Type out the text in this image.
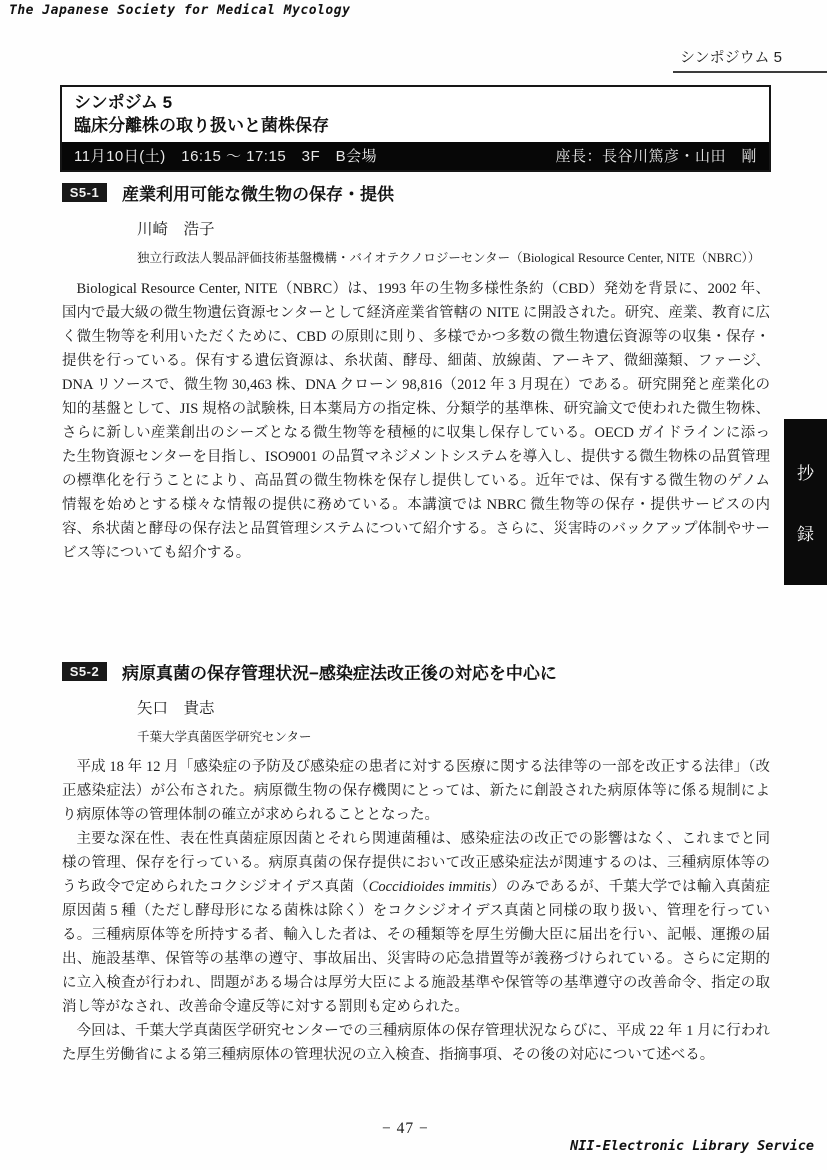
The Japanese Society for Medical Mycology
シンポジウム 5
シンポジム 5
臨床分離株の取り扱いと菌株保存
11月10日(土)　16:15 ～ 17:15　3F　B会場	座長：長谷川篤彦・山田　剛
S5-1	産業利用可能な微生物の保存・提供
川崎　浩子
独立行政法人製品評価技術基盤機構・バイオテクノロジーセンター（Biological Resource Center, NITE（NBRC））

Biological Resource Center, NITE（NBRC）は、1993 年の生物多様性条約（CBD）発効を背景に、2002 年、国内で最大級の微生物遺伝資源センターとして経済産業省管轄の NITE に開設された。研究、産業、教育に広く微生物等を利用いただくために、CBD の原則に則り、多様でかつ多数の微生物遺伝資源等の収集・保存・提供を行っている。保有する遺伝資源は、糸状菌、酵母、細菌、放線菌、アーキア、微細藻類、ファージ、DNA リソースで、微生物 30,463 株、DNA クローン 98,816（2012 年 3 月現在）である。研究開発と産業化の知的基盤として、JIS 規格の試験株, 日本薬局方の指定株、分類学的基準株、研究論文で使われた微生物株、さらに新しい産業創出のシーズとなる微生物等を積極的に収集し保存している。OECD ガイドラインに添った生物資源センターを目指し、ISO9001 の品質マネジメントシステムを導入し、提供する微生物株の品質管理の標準化を行うことにより、高品質の微生物株を保存し提供している。近年では、保有する微生物のゲノム情報を始めとする様々な情報の提供に務めている。本講演では NBRC 微生物等の保存・提供サービスの内容、糸状菌と酵母の保存法と品質管理システムについて紹介する。さらに、災害時のバックアップ体制やサービス等についても紹介する。

抄
録
S5-2	病原真菌の保存管理状況−感染症法改正後の対応を中心に
矢口　貴志
千葉大学真菌医学研究センター

平成 18 年 12 月「感染症の予防及び感染症の患者に対する医療に関する法律等の一部を改正する法律」（改正感染症法）が公布された。病原微生物の保存機関にとっては、新たに創設された病原体等に係る規制により病原体等の管理体制の確立が求められることとなった。

主要な深在性、表在性真菌症原因菌とそれら関連菌種は、感染症法の改正での影響はなく、これまでと同様の管理、保存を行っている。病原真菌の保存提供において改正感染症法が関連するのは、三種病原体等のうち政令で定められたコクシジオイデス真菌（Coccidioides immitis）のみであるが、千葉大学では輸入真菌症原因菌 5 種（ただし酵母形になる菌株は除く）をコクシジオイデス真菌と同様の取り扱い、管理を行っている。三種病原体等を所持する者、輸入した者は、その種類等を厚生労働大臣に届出を行い、記帳、運搬の届出、施設基準、保管等の基準の遵守、事故届出、災害時の応急措置等が義務づけられている。さらに定期的に立入検査が行われ、問題がある場合は厚労大臣による施設基準や保管等の基準遵守の改善命令、指定の取消し等がなされ、改善命令違反等に対する罰則も定められた。

今回は、千葉大学真菌医学研究センターでの三種病原体の保存管理状況ならびに、平成 22 年 1 月に行われた厚生労働省による第三種病原体の管理状況の立入検査、指摘事項、その後の対応について述べる。

− 47 −
NII-Electronic Library Service
